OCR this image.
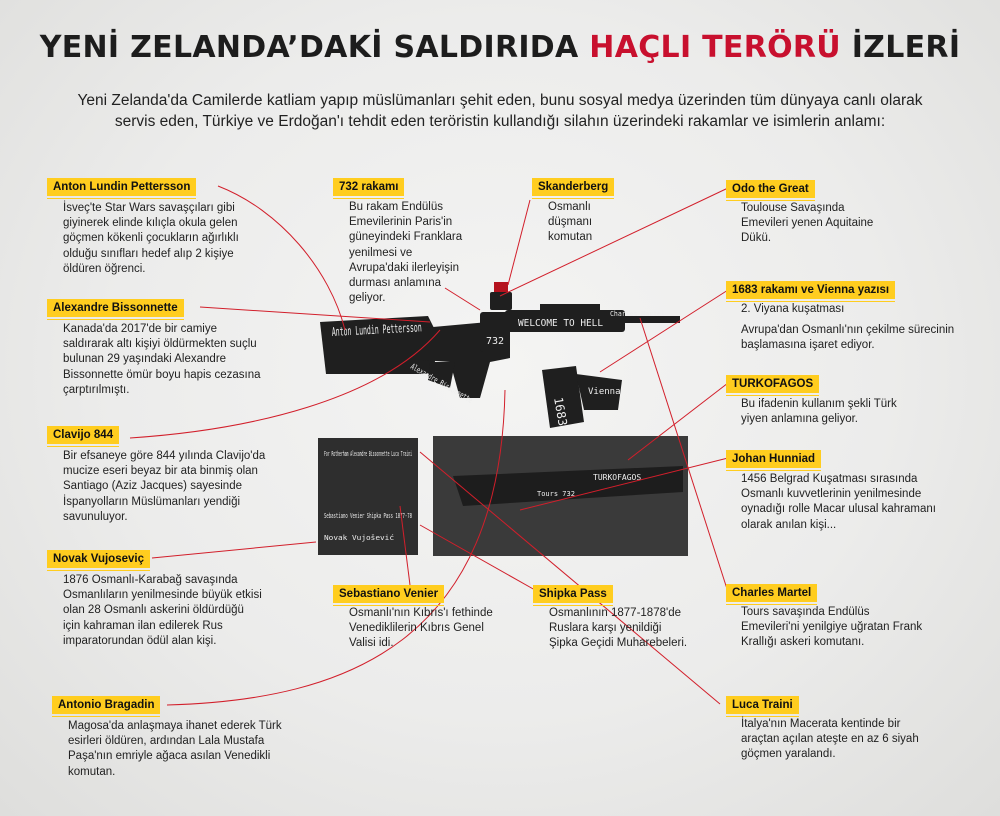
YENİ ZELANDA’DAKİ SALDIRIDA HAÇLI TERÖRÜ İZLERİ
Yeni Zelanda'da Camilerde katliam yapıp müslümanları şehit eden, bunu sosyal medya üzerinden tüm dünyaya canlı olarak servis eden, Türkiye ve Erdoğan'ı tehdit eden teröristin kullandığı silahın üzerindeki rakamlar ve isimlerin anlamı:
Anton Lundin Pettersson
Alexandre Bissonnette
WELCOME TO HELL
Charles Martel
732
1683
Vienna
For Rotherham Alexandre Bissonnette Luca Traini
Sebastiano Venier Shipka Pass 1877-78
Novak Vujošević
TURKOFAGOS
Tours 732
Anton Lundin Pettersson
İsveç'te Star Wars savaşçıları gibi giyinerek elinde kılıçla okula gelen göçmen kökenli çocukların ağırlıklı olduğu sınıfları hedef alıp 2 kişiye öldüren öğrenci.
Alexandre Bissonnette
Kanada'da 2017'de bir camiye saldırarak altı kişiyi öldürmekten suçlu bulunan 29 yaşındaki Alexandre Bissonnette ömür boyu hapis cezasına çarptırılmıştı.
Clavijo 844
Bir efsaneye göre 844 yılında Clavijo'da mucize eseri beyaz bir ata binmiş olan Santiago (Aziz Jacques) sayesinde İspanyolların Müslümanları yendiği savunuluyor.
Novak Vujoseviç
1876 Osmanlı-Karabağ savaşında Osmanlıların yenilmesinde büyük etkisi olan 28 Osmanlı askerini öldürdüğü için kahraman ilan edilerek Rus imparatorundan ödül alan kişi.
Antonio Bragadin
Magosa'da anlaşmaya ihanet ederek Türk esirleri öldüren, ardından Lala Mustafa Paşa'nın emriyle ağaca asılan Venedikli komutan.
732 rakamı
Bu rakam Endülüs Emevilerinin Paris'in güneyindeki Franklara yenilmesi ve Avrupa'daki ilerleyişin durması anlamına geliyor.
Skanderberg
Osmanlı düşmanı komutan
Odo the Great
Toulouse Savaşında Emevileri yenen Aquitaine Dükü.
1683 rakamı ve Vienna yazısı
2. Viyana kuşatması
Avrupa'dan Osmanlı'nın çekilme sürecinin başlamasına işaret ediyor.
TURKOFAGOS
Bu ifadenin kullanım şekli Türk yiyen anlamına geliyor.
Johan Hunniad
1456 Belgrad Kuşatması sırasında Osmanlı kuvvetlerinin yenilmesinde oynadığı rolle Macar ulusal kahramanı olarak anılan kişi...
Charles Martel
Tours savaşında Endülüs Emevileri'ni yenilgiye uğratan Frank Krallığı askeri komutanı.
Luca Traini
İtalya'nın Macerata kentinde bir araçtan açılan ateşte en az 6 siyah göçmen yaralandı.
Sebastiano Venier
Osmanlı'nın Kıbrıs'ı fethinde Venediklilerin Kıbrıs Genel Valisi idi.
Shipka Pass
Osmanlının 1877-1878'de Ruslara karşı yenildiği Şipka Geçidi Muharebeleri.
